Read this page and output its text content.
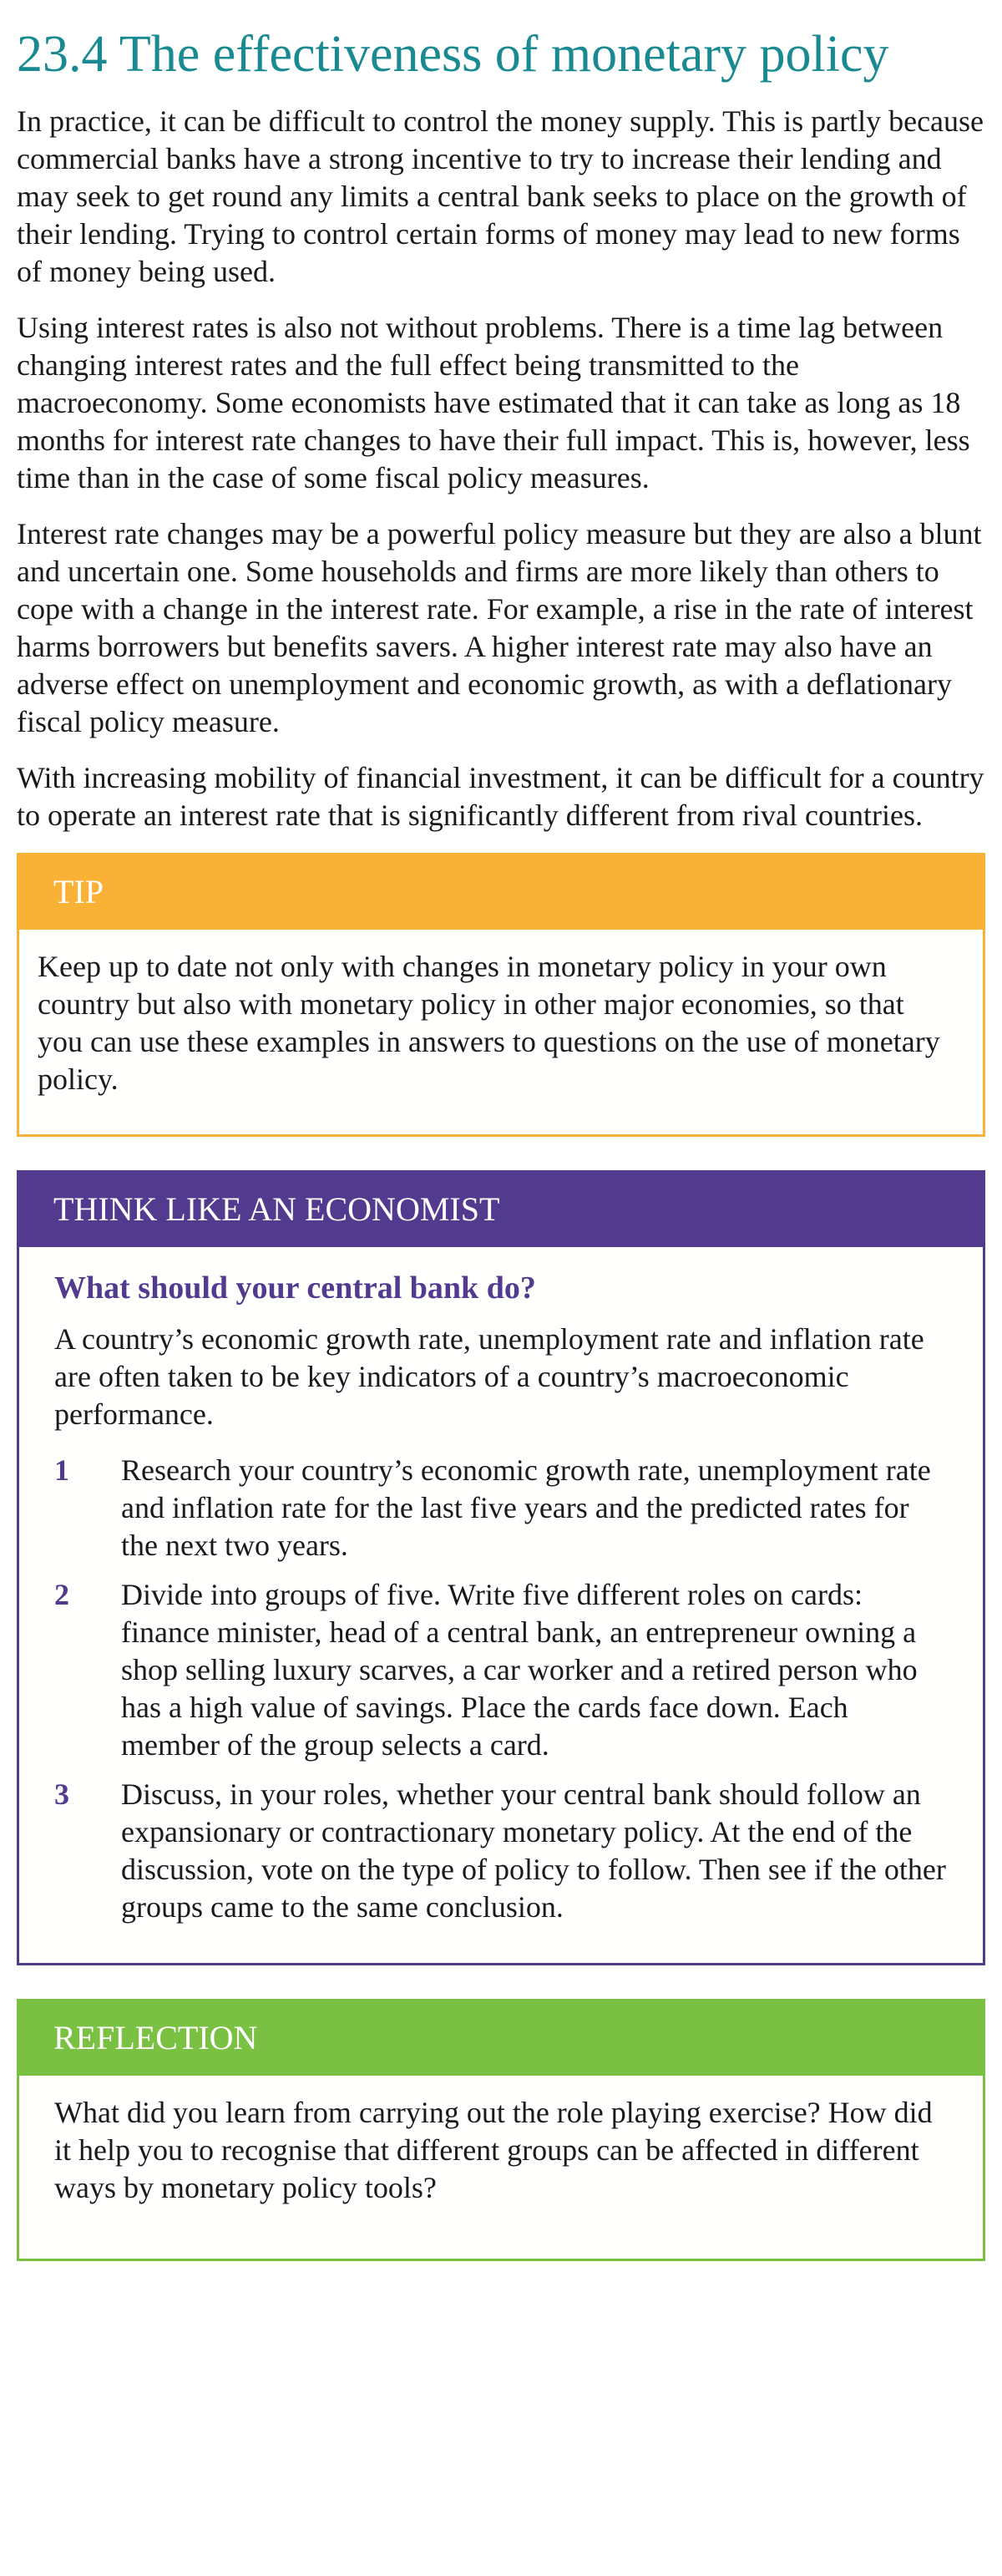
23.4 The effectiveness of monetary policy

In practice, it can be difficult to control the money supply. This is partly because commercial banks have a strong incentive to try to increase their lending and may seek to get round any limits a central bank seeks to place on the growth of their lending. Trying to control certain forms of money may lead to new forms of money being used.

Using interest rates is also not without problems. There is a time lag between changing interest rates and the full effect being transmitted to the macroeconomy. Some economists have estimated that it can take as long as 18 months for interest rate changes to have their full impact. This is, however, less time than in the case of some fiscal policy measures.

Interest rate changes may be a powerful policy measure but they are also a blunt and uncertain one. Some households and firms are more likely than others to cope with a change in the interest rate. For example, a rise in the rate of interest harms borrowers but benefits savers. A higher interest rate may also have an adverse effect on unemployment and economic growth, as with a deflationary fiscal policy measure.

With increasing mobility of financial investment, it can be difficult for a country to operate an interest rate that is significantly different from rival countries.

TIP

Keep up to date not only with changes in monetary policy in your own country but also with monetary policy in other major economies, so that you can use these examples in answers to questions on the use of monetary policy.

THINK LIKE AN ECONOMIST
What should your central bank do?

A country’s economic growth rate, unemployment rate and inflation rate are often taken to be key indicators of a country’s macroeconomic performance.

1	Research your country’s economic growth rate, unemployment rate and inflation rate for the last five years and the predicted rates for the next two years.
2	Divide into groups of five. Write five different roles on cards: finance minister, head of a central bank, an entrepreneur owning a shop selling luxury scarves, a car worker and a retired person who has a high value of savings. Place the cards face down. Each member of the group selects a card.
3	Discuss, in your roles, whether your central bank should follow an expansionary or contractionary monetary policy. At the end of the discussion, vote on the type of policy to follow. Then see if the other groups came to the same conclusion.
REFLECTION

What did you learn from carrying out the role playing exercise? How did it help you to recognise that different groups can be affected in different ways by monetary policy tools?
